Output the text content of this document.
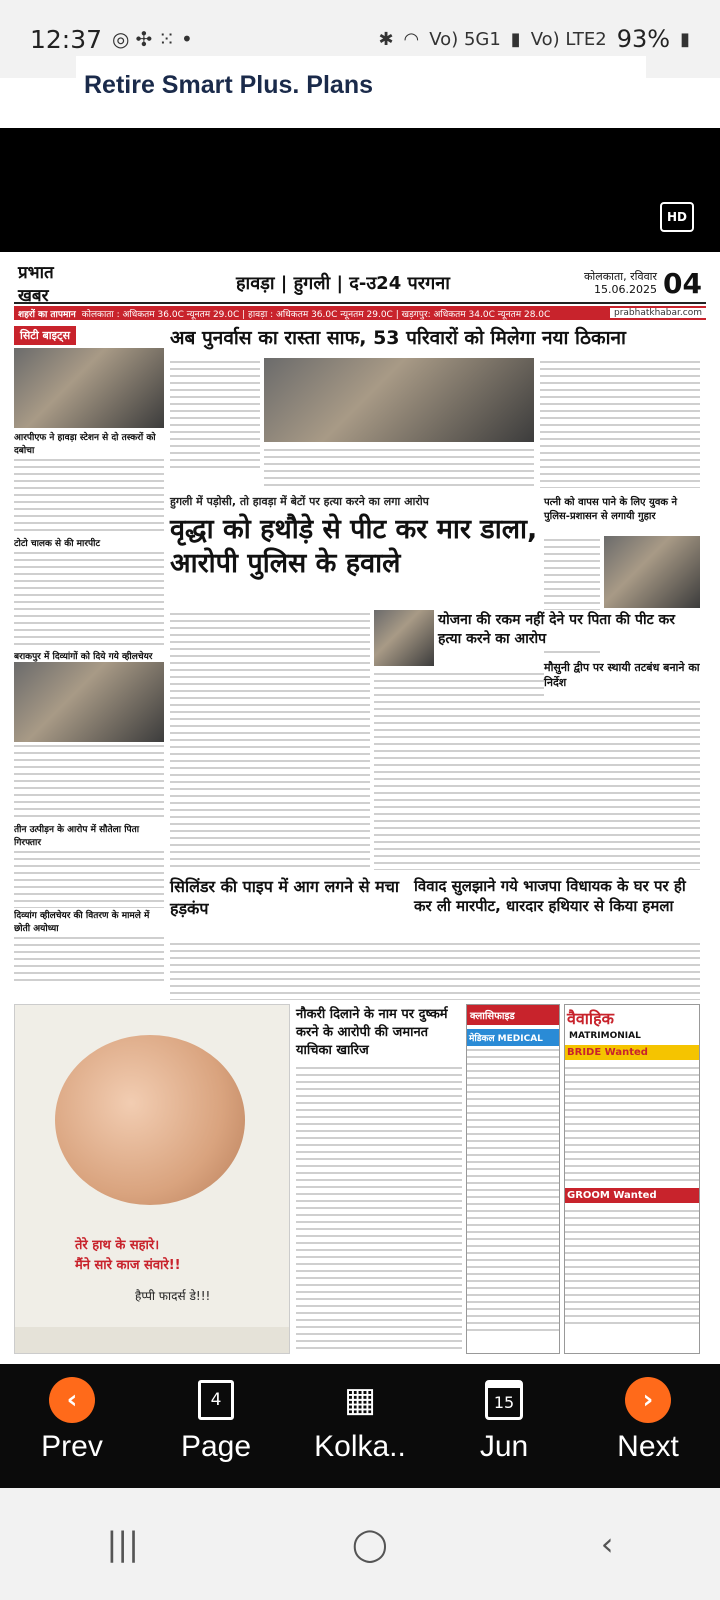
12:37 ◎ ✣ ⁙ •	✱ ◠ Vo) 5G1 ▮ Vo) LTE2 93% ▮
Retire Smart Plus. Plans
HD
प्रभात खबर
हावड़ा | हुगली | द-उ24 परगना	कोलकाता, रविवार
15.06.2025 04
शहरों का तापमान कोलकाता : अधिकतम 36.0C न्यूनतम 29.0C | हावड़ा : अधिकतम 36.0C न्यूनतम 29.0C | खड़गपुर: अधिकतम 34.0C न्यूनतम 28.0C	prabhatkhabar.com
सिटी बाइट्स
आरपीएफ ने हावड़ा स्टेशन से दो तस्करों को दबोचा
टोटो चालक से की मारपीट
बराकपुर में दिव्यांगों को दिये गये व्हीलचेयर
तीन उत्पीड़न के आरोप में सौतेला पिता गिरफ्तार
दिव्यांग व्हीलचेयर की वितरण के मामले में छोती अयोध्या
अब पुनर्वास का रास्ता साफ, 53 परिवारों को मिलेगा नया ठिकाना
हुगली में पड़ोसी, तो हावड़ा में बेटों पर हत्या करने का लगा आरोप
वृद्धा को हथौड़े से पीट कर मार डाला, आरोपी पुलिस के हवाले
पत्नी को वापस पाने के लिए युवक ने पुलिस-प्रशासन से लगायी गुहार
योजना की रकम नहीं देने पर पिता की पीट कर हत्या करने का आरोप
मौसुनी द्वीप पर स्थायी तटबंध बनाने का निर्देश
सिलिंडर की पाइप में आग लगने से मचा हड़कंप
विवाद सुलझाने गये भाजपा विधायक के घर पर ही कर ली मारपीट, धारदार हथियार से किया हमला
तेरे हाथ के सहारे।
मैंने सारे काज संवारे!!
हैप्पी फादर्स डे!!!
नौकरी दिलाने के नाम पर दुष्कर्म करने के आरोपी की जमानत याचिका खारिज
क्लासिफाइड
मेडिकल MEDICAL
वैवाहिक
MATRIMONIAL
BRIDE Wanted
GROOM Wanted
‹
Prev
4
Page
▦
Kolka..
15
Jun
›
Next
|||	◯	‹
